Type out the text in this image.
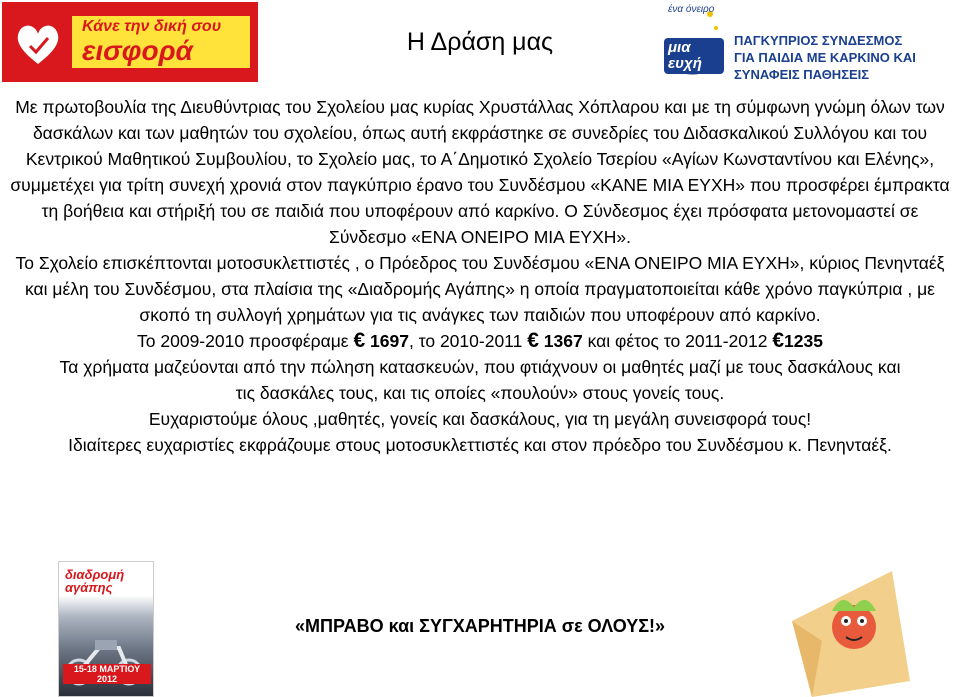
Κάνε την δική σου
εισφορά	Η Δράση μας
ένα όνειρο
μια ευχή
ΠΑΓΚΥΠΡΙΟΣ ΣΥΝΔΕΣΜΟΣ
ΓΙΑ ΠΑΙΔΙΑ ΜΕ ΚΑΡΚΙΝΟ ΚΑΙ
ΣΥΝΑΦΕΙΣ ΠΑΘΗΣΕΙΣ

Με πρωτοβουλία της Διευθύντριας του Σχολείου μας κυρίας Χρυστάλλας Χόπλαρου και με τη σύμφωνη γνώμη όλων των δασκάλων και των μαθητών του σχολείου, όπως αυτή εκφράστηκε σε συνεδρίες του Διδασκαλικού Συλλόγου και του Κεντρικού Μαθητικού Συμβουλίου, το Σχολείο μας, το Α΄Δημοτικό Σχολείο Τσερίου «Αγίων Κωνσταντίνου και Ελένης», συμμετέχει για τρίτη συνεχή χρονιά στον παγκύπριο έρανο του Συνδέσμου «ΚΑΝΕ ΜΙΑ ΕΥΧΗ» που προσφέρει έμπρακτα τη βοήθεια και στήριξή του σε παιδιά που υποφέρουν από καρκίνο. Ο Σύνδεσμος έχει πρόσφατα μετονομαστεί σε Σύνδεσμο «ΕΝΑ ΟΝΕΙΡΟ ΜΙΑ ΕΥΧΗ».

Το Σχολείο επισκέπτονται μοτοσυκλεττιστές , ο Πρόεδρος του Συνδέσμου «ΕΝΑ ΟΝΕΙΡΟ ΜΙΑ ΕΥΧΗ», κύριος Πενηνταέξ και μέλη του Συνδέσμου, στα πλαίσια της «Διαδρομής Αγάπης» η οποία πραγματοποιείται κάθε χρόνο παγκύπρια , με σκοπό τη συλλογή χρημάτων για τις ανάγκες των παιδιών που υποφέρουν από καρκίνο.

Το 2009-2010 προσφέραμε € 1697, το 2010-2011 € 1367 και φέτος το 2011-2012 €1235

Τα χρήματα μαζεύονται από την πώληση κατασκευών, που φτιάχνουν οι μαθητές μαζί με τους δασκάλους και τις δασκάλες τους, και τις οποίες «πουλούν» στους γονείς τους.

Ευχαριστούμε όλους ,μαθητές, γονείς και δασκάλους, για τη μεγάλη συνεισφορά τους!

Ιδιαίτερες ευχαριστίες εκφράζουμε στους μοτοσυκλεττιστές και στον πρόεδρο του Συνδέσμου κ. Πενηνταέξ.

διαδρομή
αγάπης
15-18 ΜΑΡΤΙΟΥ 2012

«ΜΠΡΑΒΟ και ΣΥΓΧΑΡΗΤΗΡΙΑ σε ΟΛΟΥΣ!»
